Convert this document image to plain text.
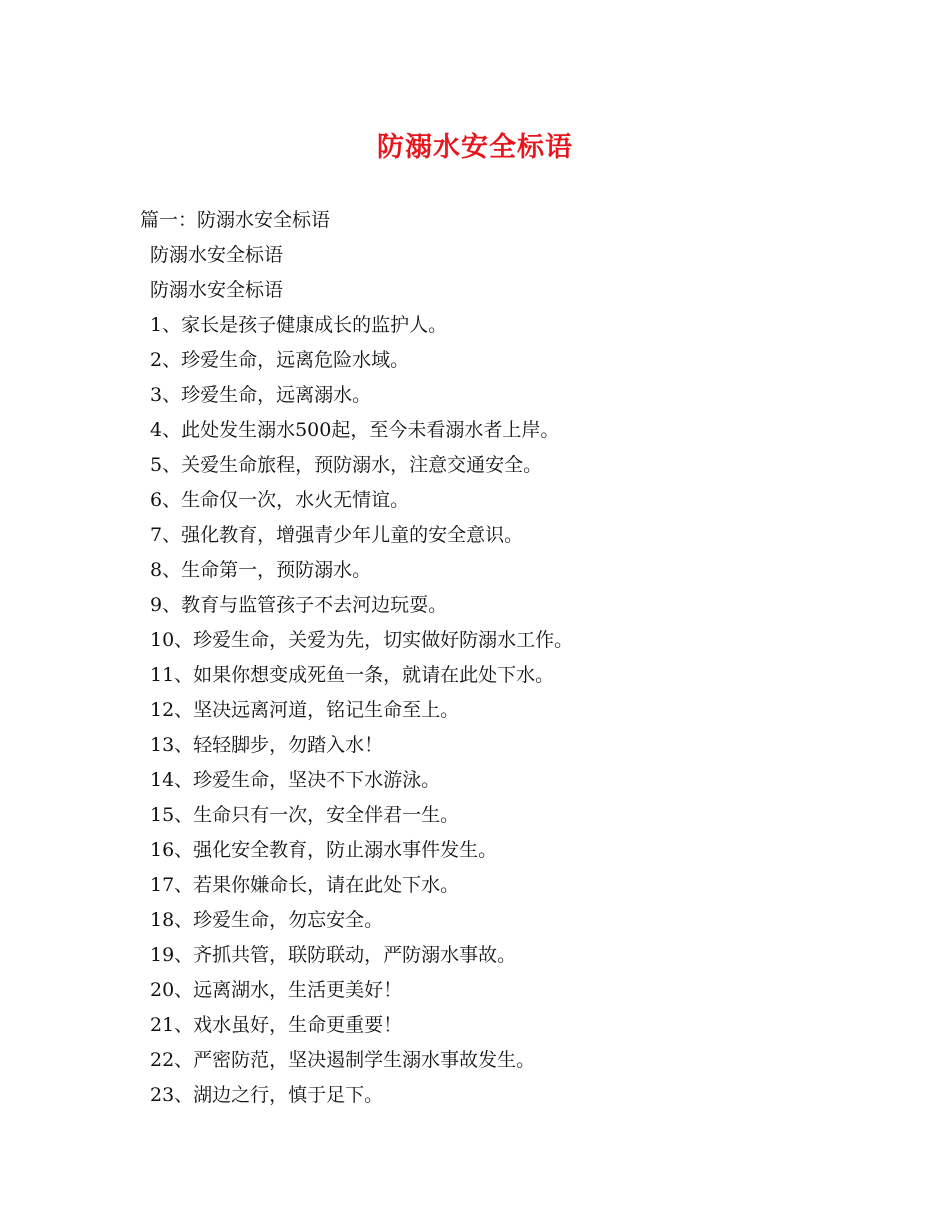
防溺水安全标语
篇一：防溺水安全标语
防溺水安全标语
防溺水安全标语
1、家长是孩子健康成长的监护人。
2、珍爱生命，远离危险水域。
3、珍爱生命，远离溺水。
4、此处发生溺水500起，至今未看溺水者上岸。
5、关爱生命旅程，预防溺水，注意交通安全。
6、生命仅一次，水火无情谊。
7、强化教育，增强青少年儿童的安全意识。
8、生命第一，预防溺水。
9、教育与监管孩子不去河边玩耍。
10、珍爱生命，关爱为先，切实做好防溺水工作。
11、如果你想变成死鱼一条，就请在此处下水。
12、坚决远离河道，铭记生命至上。
13、轻轻脚步，勿踏入水！
14、珍爱生命，坚决不下水游泳。
15、生命只有一次，安全伴君一生。
16、强化安全教育，防止溺水事件发生。
17、若果你嫌命长，请在此处下水。
18、珍爱生命，勿忘安全。
19、齐抓共管，联防联动，严防溺水事故。
20、远离湖水，生活更美好！
21、戏水虽好，生命更重要！
22、严密防范，坚决遏制学生溺水事故发生。
23、湖边之行，慎于足下。
